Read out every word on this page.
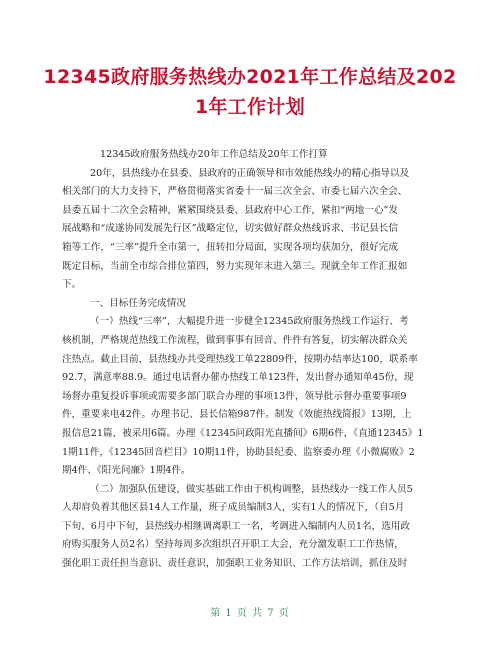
12345政府服务热线办2021年工作总结及202
1年工作计划
12345政府服务热线办20年工作总结及20年工作打算
20年，县热线办在县委、县政府的正确领导和市效能热线办的精心指导以及
相关部门的大力支持下，严格贯彻落实省委十一届三次全会、市委七届六次全会、
县委五届十二次全会精神，紧紧围绕县委、县政府中心工作，紧扣“两地一心”发
展战略和“成遂协同发展先行区”战略定位，切实做好群众热线诉求、书记县长信
箱等工作，“三率”提升全市第一，扭转扣分局面，实现各项均获加分，很好完成
既定目标，当前全市综合排位第四，努力实现年末进入第三。现就全年工作汇报如
下。
一、目标任务完成情况
（一）热线“三率”，大幅提升进一步健全12345政府服务热线工作运行、考
核机制，严格规范热线工作流程，做到事事有回音、件件有答复，切实解决群众关
注热点。截止目前，县热线办共受理热线工单22809件，按期办结率达100，联系率
92.7，满意率88.9。通过电话督办催办热线工单123件，发出督办通知单45份，现
场督办重复投诉事项或需要多部门联合办理的事项13件，领导批示督办重要事项9
件，重要来电42件。办理书记、县长信箱987件。制发《效能热线简报》13期，上
报信息21篇，被采用6篇。办理《12345问政阳光直播间》6期6件，《直通12345》1
1期11件，《12345回音栏目》10期11件，协助县纪委、监察委办理《小微腐败》2
期4件、《阳光问廉》1期4件。
（二）加强队伍建设，做实基础工作由于机构调整，县热线办一线工作人员5
人却肩负着其他区县14人工作量，班子成员编制3人，实有1人的情况下，（自5月
下旬、6月中下旬，县热线办相继调离职工一名，考调进入编制内人员1名，选用政
府购买服务人员2名）坚持每周多次组织召开职工大会，充分激发职工工作热情，
强化职工责任担当意识、责任意识，加强职工业务知识、工作方法培训，抓住及时
第 1 页 共 7 页
